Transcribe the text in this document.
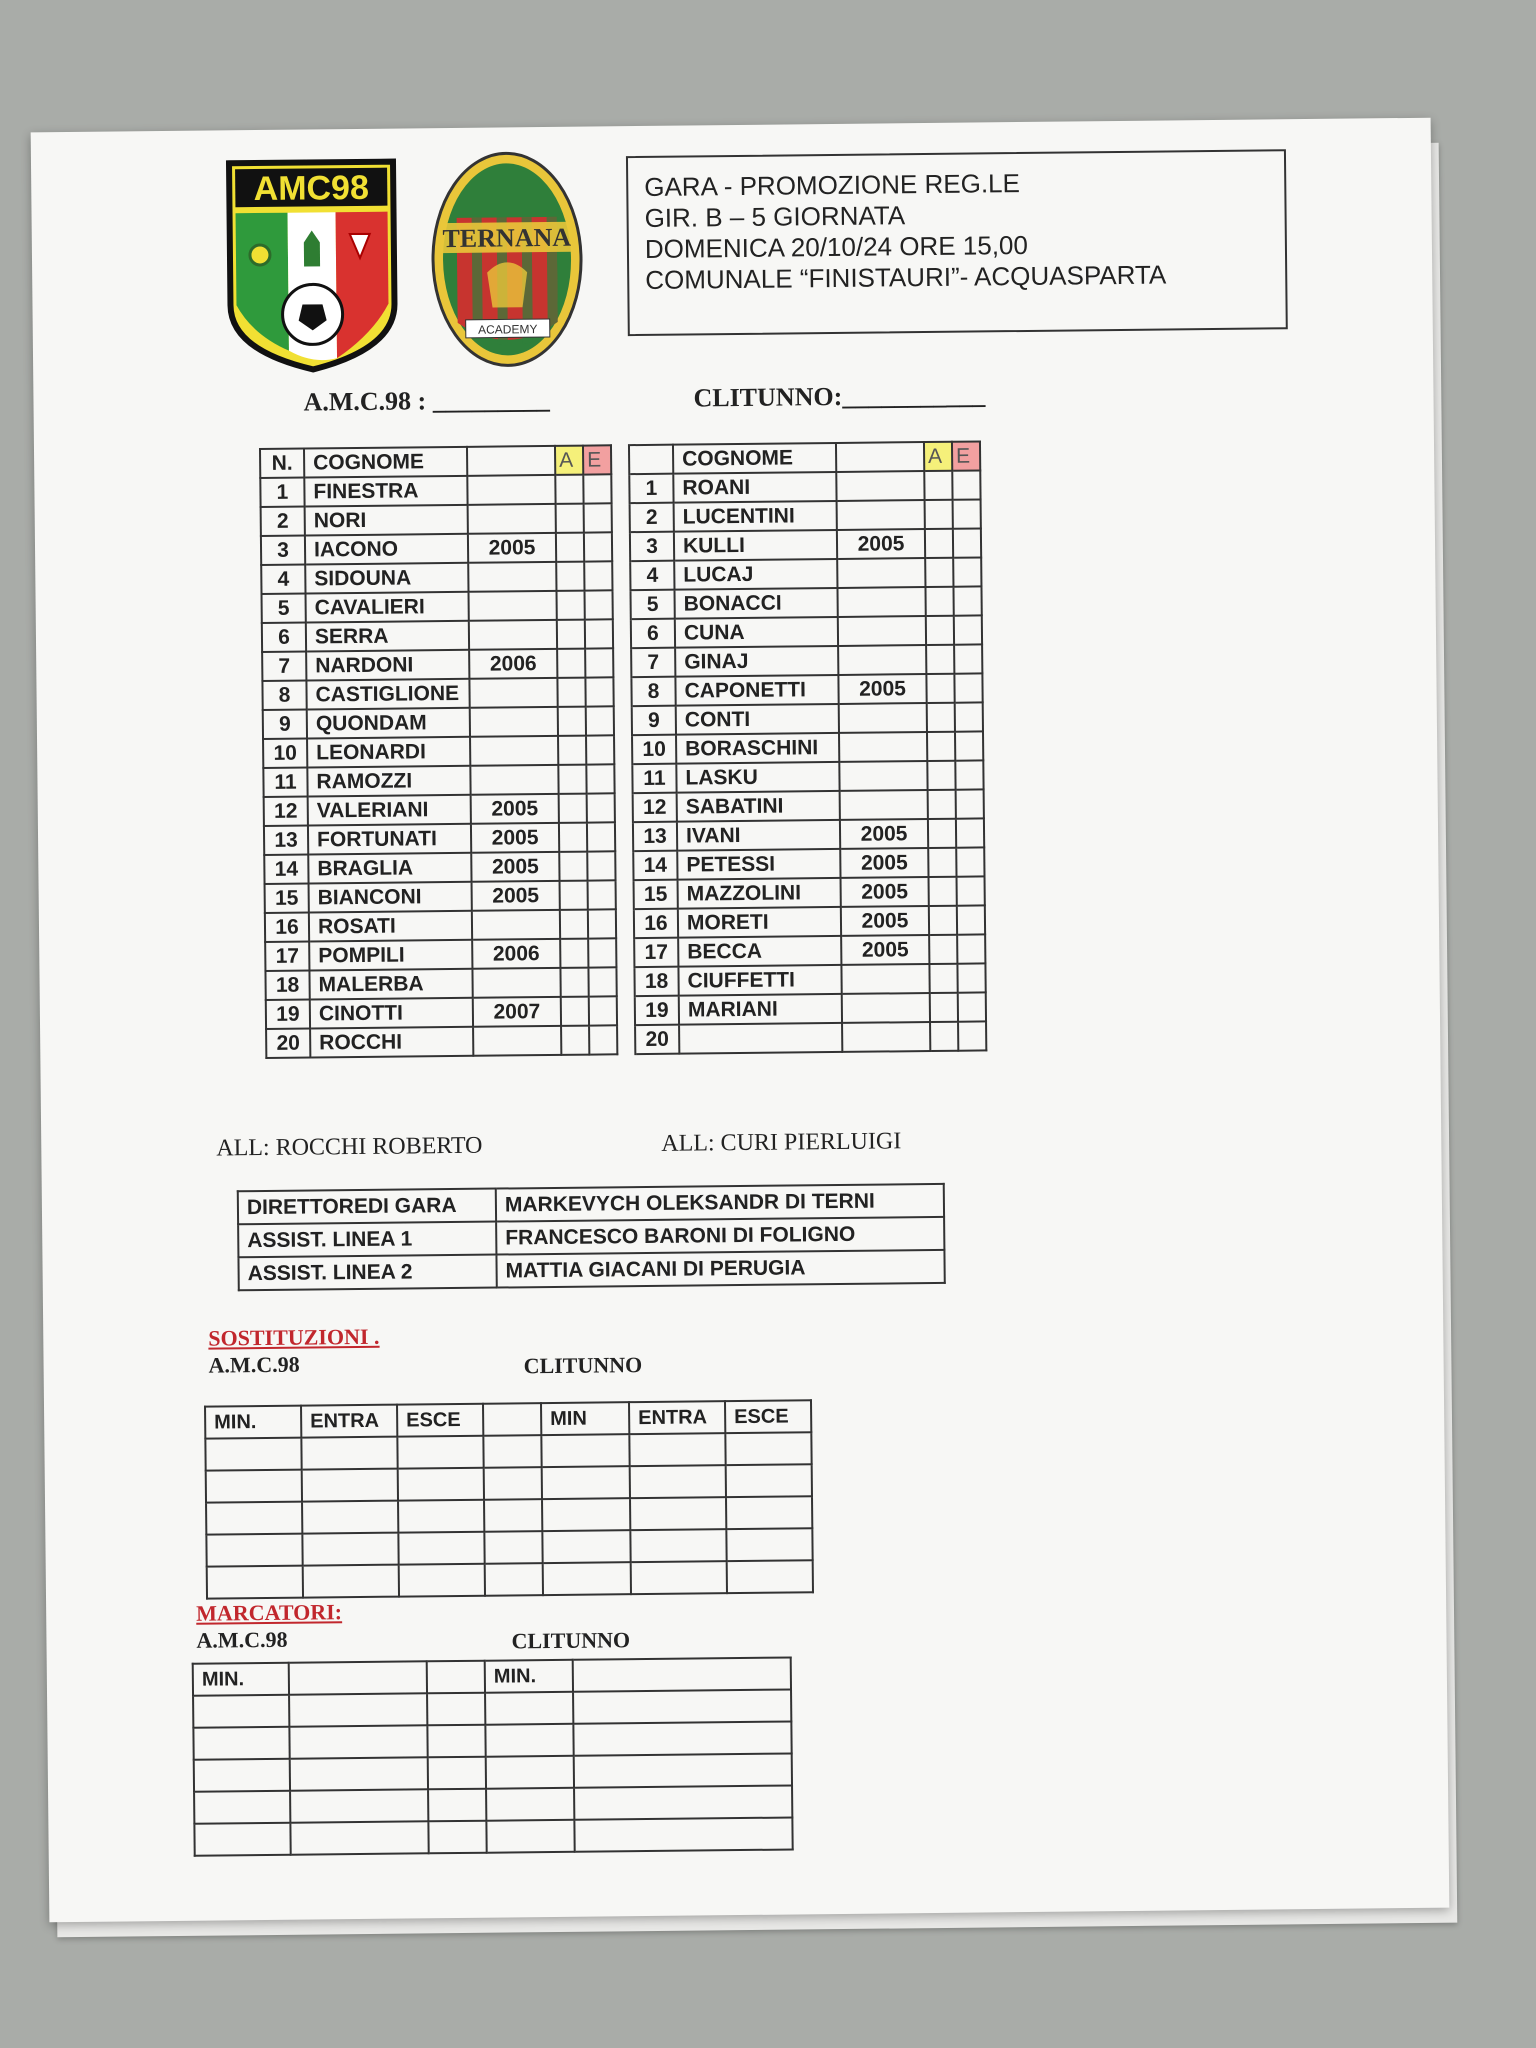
AMC98
TERNANA
ACADEMY
GARA - PROMOZIONE REG.LE
GIR. B – 5 GIORNATA
DOMENICA 20/10/24 ORE 15,00
COMUNALE “FINISTAURI”- ACQUASPARTA
A.M.C.98 : _________	CLITUNNO:___________
N.	COGNOME		A	E			COGNOME		A	E
1	FINESTRA					1	ROANI			
2	NORI					2	LUCENTINI			
3	IACONO	2005				3	KULLI	2005		
4	SIDOUNA					4	LUCAJ			
5	CAVALIERI					5	BONACCI			
6	SERRA					6	CUNA			
7	NARDONI	2006				7	GINAJ			
8	CASTIGLIONE					8	CAPONETTI	2005		
9	QUONDAM					9	CONTI			
10	LEONARDI					10	BORASCHINI			
11	RAMOZZI					11	LASKU			
12	VALERIANI	2005				12	SABATINI			
13	FORTUNATI	2005				13	IVANI	2005		
14	BRAGLIA	2005				14	PETESSI	2005		
15	BIANCONI	2005				15	MAZZOLINI	2005		
16	ROSATI					16	MORETI	2005		
17	POMPILI	2006				17	BECCA	2005		
18	MALERBA					18	CIUFFETTI			
19	CINOTTI	2007				19	MARIANI			
20	ROCCHI					20				
ALL: ROCCHI ROBERTO	ALL: CURI PIERLUIGI
DIRETTOREDI GARA	MARKEVYCH OLEKSANDR DI TERNI
ASSIST. LINEA 1	FRANCESCO BARONI DI FOLIGNO
ASSIST. LINEA 2	MATTIA GIACANI DI PERUGIA
SOSTITUZIONI .
A.M.C.98	CLITUNNO
MIN.	ENTRA	ESCE		MIN	ENTRA	ESCE

MARCATORI:
A.M.C.98	CLITUNNO
MIN.			MIN.	
